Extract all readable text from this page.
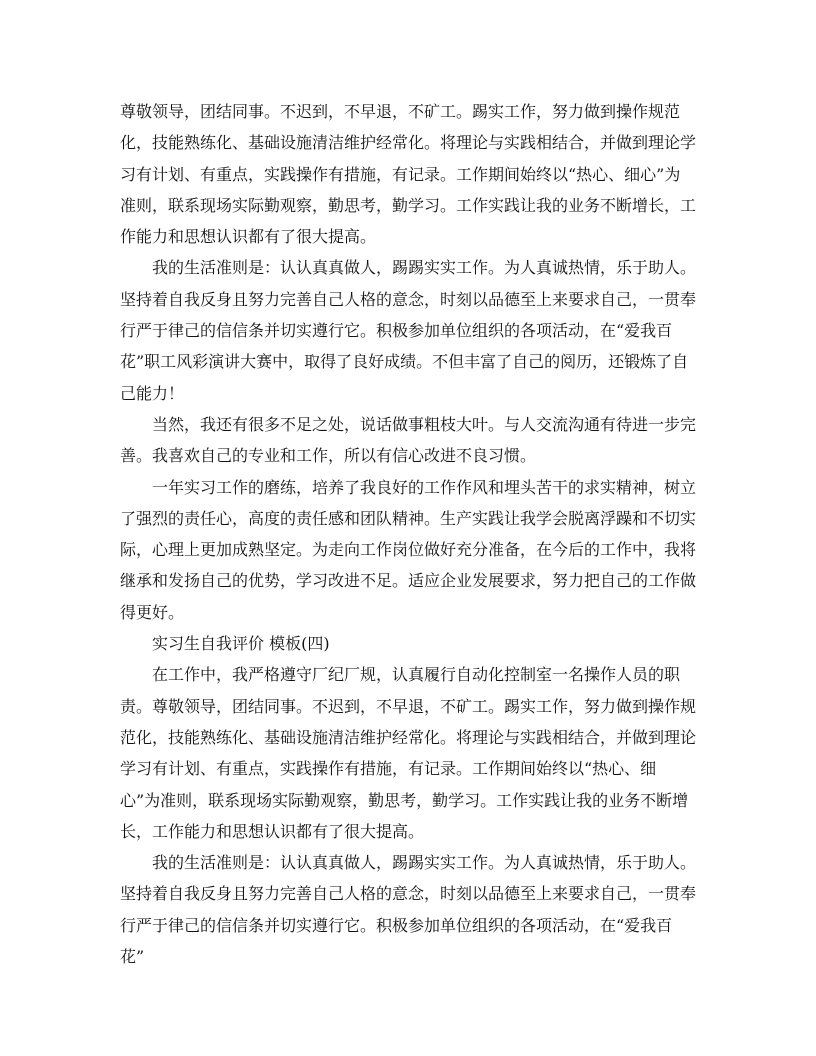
尊敬领导，团结同事。不迟到，不早退，不矿工。踢实工作，努力做到操作规范化，技能熟练化、基础设施清洁维护经常化。将理论与实践相结合，并做到理论学习有计划、有重点，实践操作有措施，有记录。工作期间始终以“热心、细心”为准则，联系现场实际勤观察，勤思考，勤学习。工作实践让我的业务不断增长，工作能力和思想认识都有了很大提高。

我的生活准则是：认认真真做人，踢踢实实工作。为人真诚热情，乐于助人。坚持着自我反身且努力完善自己人格的意念，时刻以品德至上来要求自己，一贯奉行严于律己的信信条并切实遵行它。积极参加单位组织的各项活动，在“爱我百花”职工风彩演讲大赛中，取得了良好成绩。不但丰富了自己的阅历，还锻炼了自己能力！

当然，我还有很多不足之处，说话做事粗枝大叶。与人交流沟通有待进一步完善。我喜欢自己的专业和工作，所以有信心改进不良习惯。

一年实习工作的磨练，培养了我良好的工作作风和埋头苦干的求实精神，树立了强烈的责任心，高度的责任感和团队精神。生产实践让我学会脱离浮躁和不切实际，心理上更加成熟坚定。为走向工作岗位做好充分准备，在今后的工作中，我将继承和发扬自己的优势，学习改进不足。适应企业发展要求，努力把自己的工作做得更好。

实习生自我评价 模板(四)

在工作中，我严格遵守厂纪厂规，认真履行自动化控制室一名操作人员的职责。尊敬领导，团结同事。不迟到，不早退，不矿工。踢实工作，努力做到操作规范化，技能熟练化、基础设施清洁维护经常化。将理论与实践相结合，并做到理论学习有计划、有重点，实践操作有措施，有记录。工作期间始终以“热心、细心”为准则，联系现场实际勤观察，勤思考，勤学习。工作实践让我的业务不断增长，工作能力和思想认识都有了很大提高。

我的生活准则是：认认真真做人，踢踢实实工作。为人真诚热情，乐于助人。坚持着自我反身且努力完善自己人格的意念，时刻以品德至上来要求自己，一贯奉行严于律己的信信条并切实遵行它。积极参加单位组织的各项活动，在“爱我百花”
